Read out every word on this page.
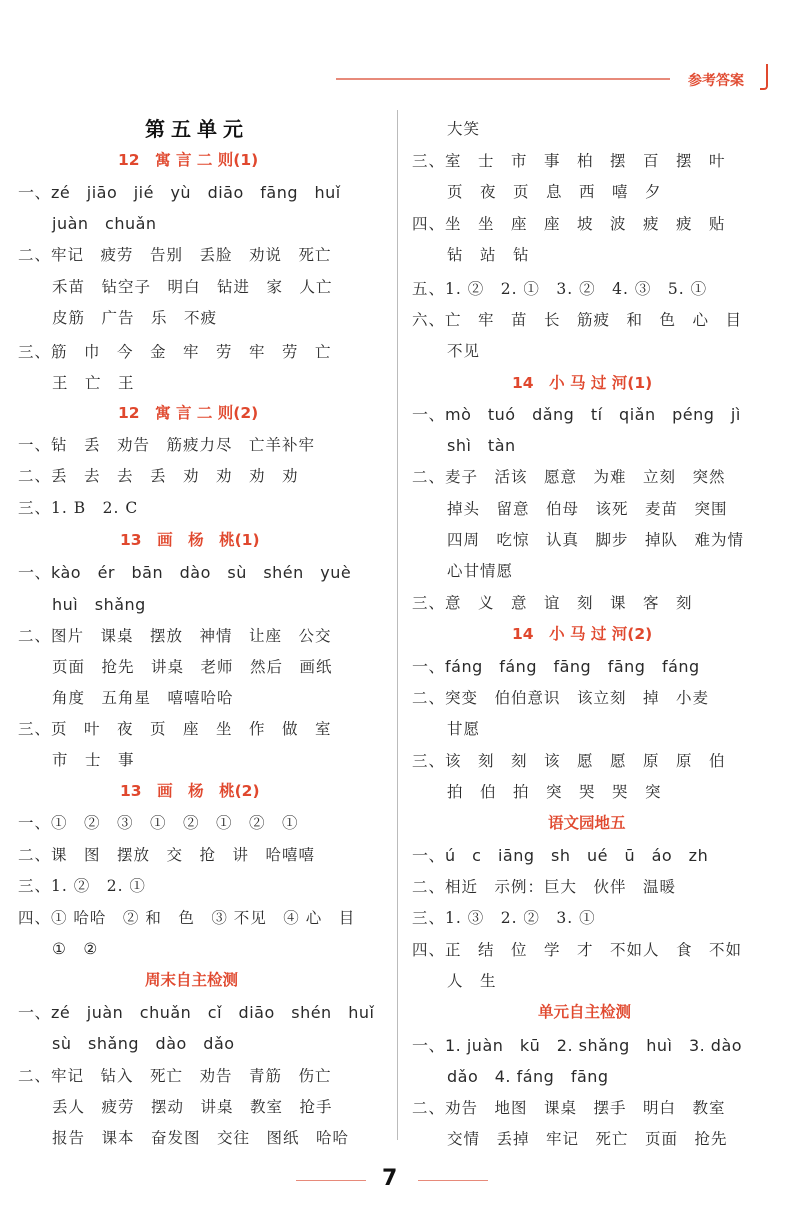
参考答案
第五单元
12　寓 言 二 则(1)
一、zé　jiāo　jié　yù　diāo　fāng　huǐ
juàn　chuǎn
二、牢记　疲劳　告别　丢脸　劝说　死亡
禾苗　钻空子　明白　钻进　家　人亡
皮筋　广告　乐　不疲
三、筋　巾　今　金　牢　劳　牢　劳　亡
王　亡　王
12　寓 言 二 则(2)
一、钻　丢　劝告　筋疲力尽　亡羊补牢
二、丢　去　去　丢　劝　劝　劝　劝
三、1. B　2. C
13　画　杨　桃(1)
一、kào　ér　bān　dào　sù　shén　yuè
huì　shǎng
二、图片　课桌　摆放　神情　让座　公交
页面　抢先　讲桌　老师　然后　画纸
角度　五角星　嘻嘻哈哈
三、页　叶　夜　页　座　坐　作　做　室
市　士　事
13　画　杨　桃(2)
一、①　②　③　①　②　①　②　①
二、课　图　摆放　交　抢　讲　哈嘻嘻
三、1. ②　2. ①
四、① 哈哈　② 和　色　③ 不见　④ 心　目
①　②
周末自主检测
一、zé　juàn　chuǎn　cǐ　diāo　shén　huǐ
sù　shǎng　dào　dǎo
二、牢记　钻入　死亡　劝告　青筋　伤亡
丢人　疲劳　摆动　讲桌　教室　抢手
报告　课本　奋发图　交往　图纸　哈哈
大笑
三、室　士　市　事　柏　摆　百　摆　叶
页　夜　页　息　西　嘻　夕
四、坐　坐　座　座　坡　波　疲　疲　贴
钻　站　钻
五、1. ②　2. ①　3. ②　4. ③　5. ①
六、亡　牢　苗　长　筋疲　和　色　心　目
不见
14　小 马 过 河(1)
一、mò　tuó　dǎng　tí　qiǎn　péng　jì
shì　tàn
二、麦子　活该　愿意　为难　立刻　突然
掉头　留意　伯母　该死　麦苗　突围
四周　吃惊　认真　脚步　掉队　难为情
心甘情愿
三、意　义　意　谊　刻　课　客　刻
14　小 马 过 河(2)
一、fáng　fáng　fāng　fāng　fáng
二、突变　伯伯意识　该立刻　掉　小麦
甘愿
三、该　刻　刻　该　愿　愿　原　原　伯
拍　伯　拍　突　哭　哭　突
语文园地五
一、ú　c　iāng　sh　ué　ū　áo　zh
二、相近　示例：巨大　伙伴　温暖
三、1. ③　2. ②　3. ①
四、正　结　位　学　才　不如人　食　不如
人　生
单元自主检测
一、1. juàn　kū　2. shǎng　huì　3. dào
dǎo　4. fáng　fāng
二、劝告　地图　课桌　摆手　明白　教室
交情　丢掉　牢记　死亡　页面　抢先
7
